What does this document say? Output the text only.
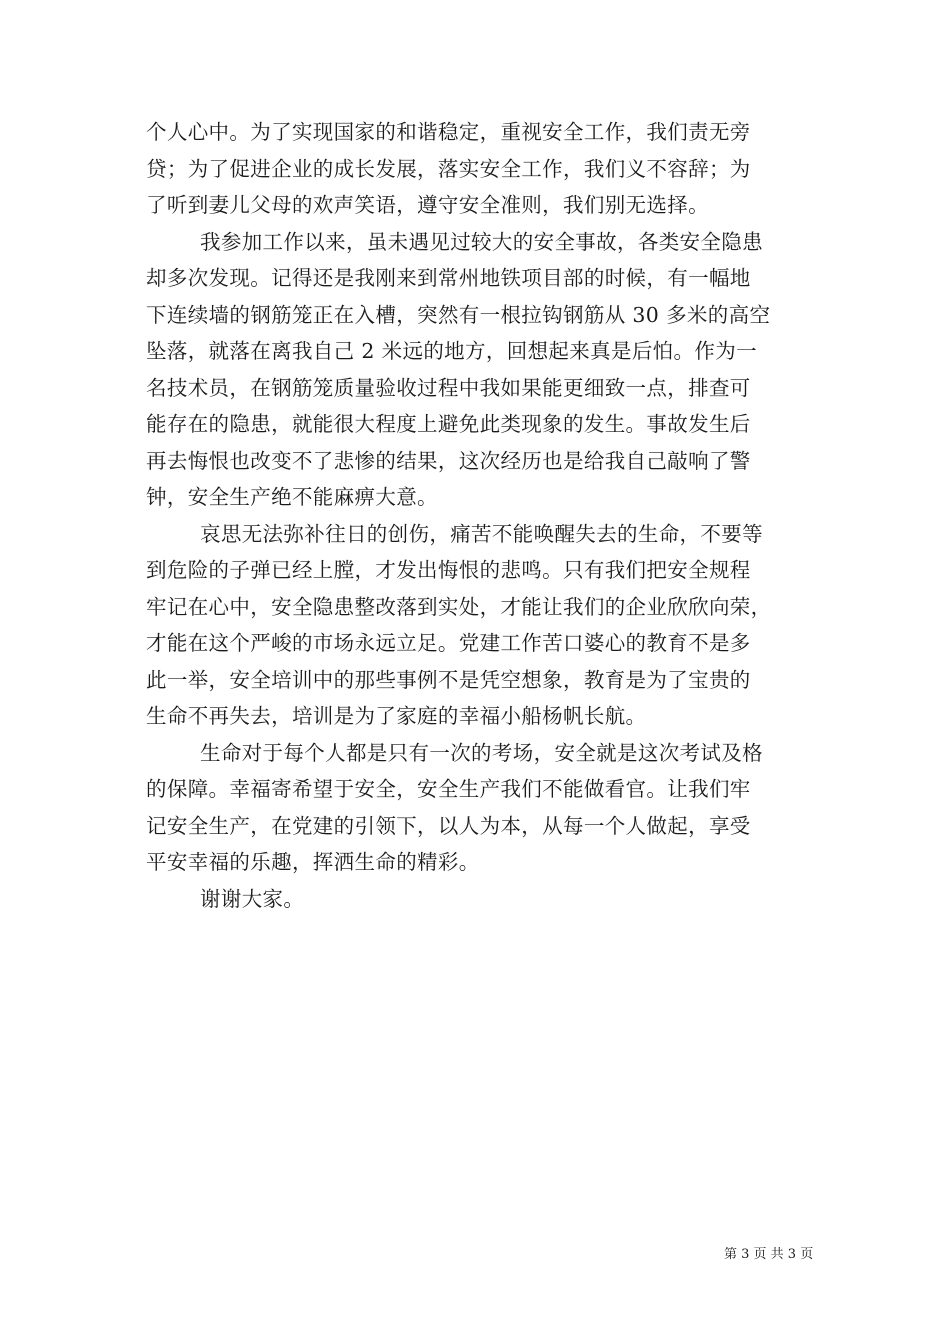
个人心中。为了实现国家的和谐稳定，重视安全工作，我们责无旁
贷；为了促进企业的成长发展，落实安全工作，我们义不容辞；为
了听到妻儿父母的欢声笑语，遵守安全准则，我们别无选择。
我参加工作以来，虽未遇见过较大的安全事故，各类安全隐患
却多次发现。记得还是我刚来到常州地铁项目部的时候，有一幅地
下连续墙的钢筋笼正在入槽，突然有一根拉钩钢筋从 30 多米的高空
坠落，就落在离我自己 2 米远的地方，回想起来真是后怕。作为一
名技术员，在钢筋笼质量验收过程中我如果能更细致一点，排查可
能存在的隐患，就能很大程度上避免此类现象的发生。事故发生后
再去悔恨也改变不了悲惨的结果，这次经历也是给我自己敲响了警
钟，安全生产绝不能麻痹大意。
哀思无法弥补往日的创伤，痛苦不能唤醒失去的生命，不要等
到危险的子弹已经上膛，才发出悔恨的悲鸣。只有我们把安全规程
牢记在心中，安全隐患整改落到实处，才能让我们的企业欣欣向荣，
才能在这个严峻的市场永远立足。党建工作苦口婆心的教育不是多
此一举，安全培训中的那些事例不是凭空想象，教育是为了宝贵的
生命不再失去，培训是为了家庭的幸福小船杨帆长航。
生命对于每个人都是只有一次的考场，安全就是这次考试及格
的保障。幸福寄希望于安全，安全生产我们不能做看官。让我们牢
记安全生产，在党建的引领下，以人为本，从每一个人做起，享受
平安幸福的乐趣，挥洒生命的精彩。
谢谢大家。
第 3 页 共 3 页
